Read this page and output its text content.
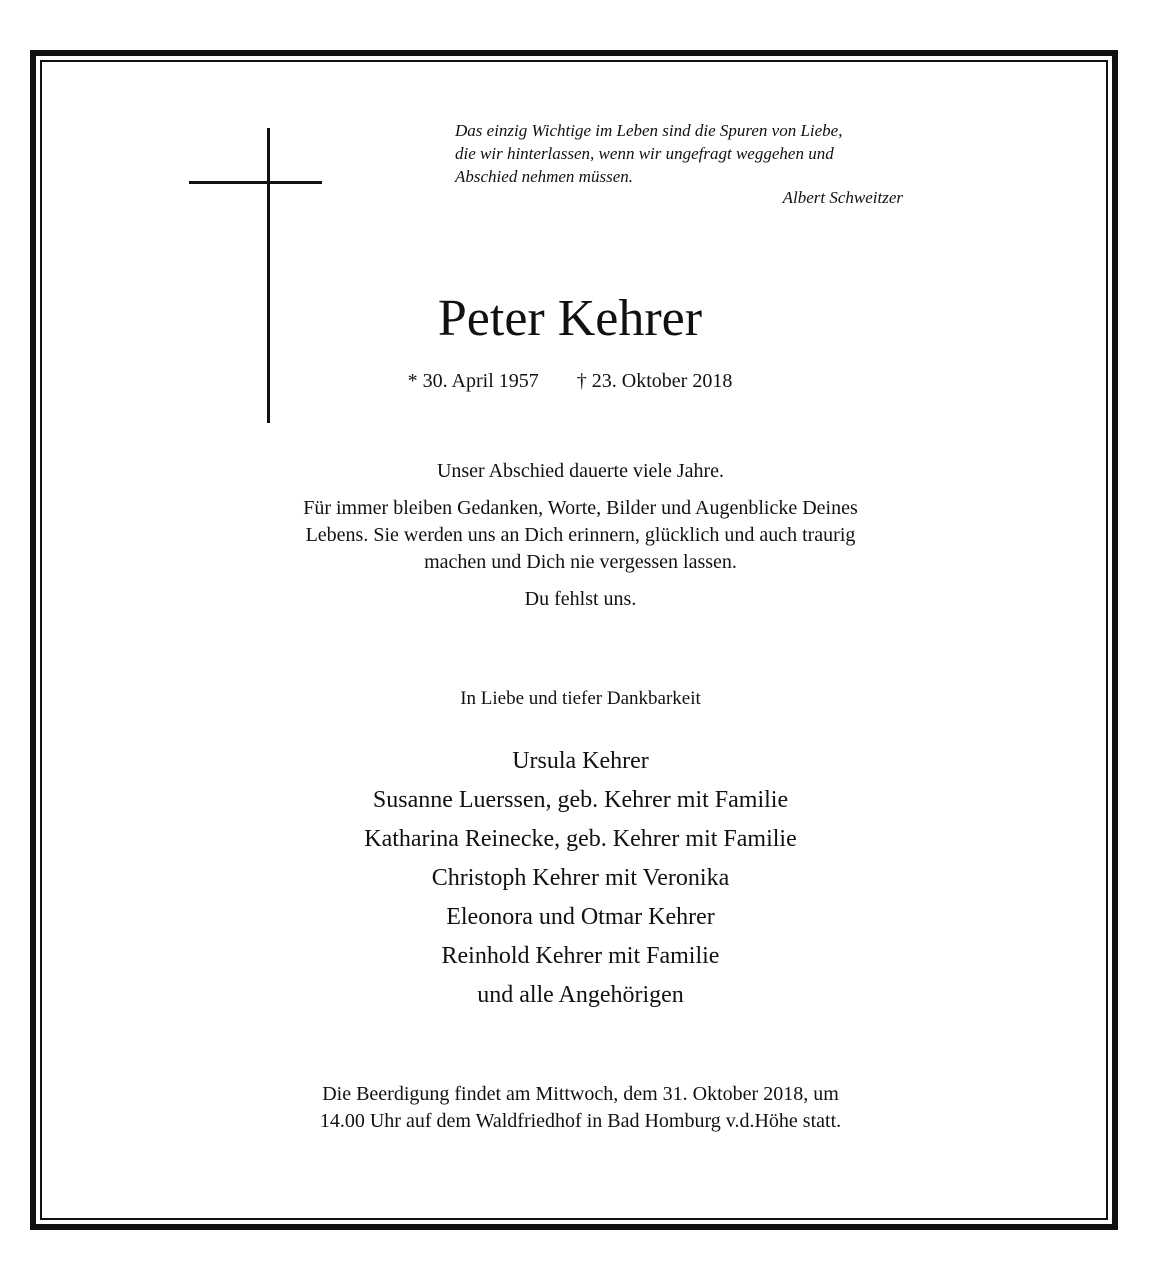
Das einzig Wichtige im Leben sind die Spuren von Liebe,
die wir hinterlassen, wenn wir ungefragt weggehen und
Abschied nehmen müssen.
Albert Schweitzer
Peter Kehrer
* 30. April 1957 † 23. Oktober 2018
Unser Abschied dauerte viele Jahre.
Für immer bleiben Gedanken, Worte, Bilder und Augenblicke Deines
Lebens. Sie werden uns an Dich erinnern, glücklich und auch traurig
machen und Dich nie vergessen lassen.
Du fehlst uns.
In Liebe und tiefer Dankbarkeit
Ursula Kehrer
Susanne Luerssen, geb. Kehrer mit Familie
Katharina Reinecke, geb. Kehrer mit Familie
Christoph Kehrer mit Veronika
Eleonora und Otmar Kehrer
Reinhold Kehrer mit Familie
und alle Angehörigen
Die Beerdigung findet am Mittwoch, dem 31. Oktober 2018, um
14.00 Uhr auf dem Waldfriedhof in Bad Homburg v.d.Höhe statt.
